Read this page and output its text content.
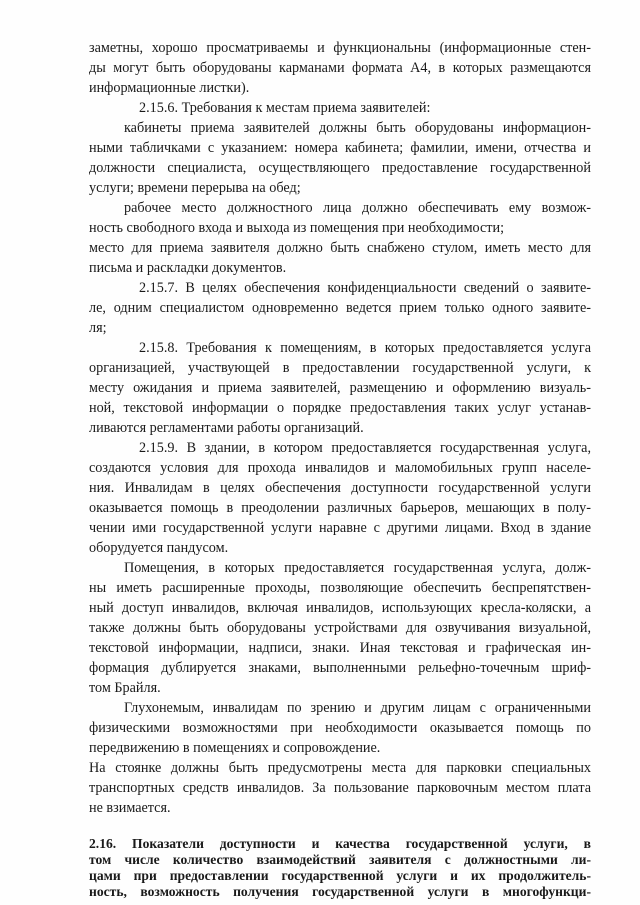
заметны, хорошо просматриваемы и функциональны (информационные стен-
ды могут быть оборудованы карманами формата А4, в которых размещаются
информационные листки).
2.15.6. Требования к местам приема заявителей:
кабинеты приема заявителей должны быть оборудованы информацион-
ными табличками с указанием: номера кабинета; фамилии, имени, отчества и
должности специалиста, осуществляющего предоставление государственной
услуги; времени перерыва на обед;
рабочее место должностного лица должно обеспечивать ему возмож-
ность свободного входа и выхода из помещения при необходимости;
место для приема заявителя должно быть снабжено стулом, иметь место для
письма и раскладки документов.
2.15.7. В целях обеспечения конфиденциальности сведений о заявите-
ле, одним специалистом одновременно ведется прием только одного заявите-
ля;
2.15.8. Требования к помещениям, в которых предоставляется услуга
организацией, участвующей в предоставлении государственной услуги, к
месту ожидания и приема заявителей, размещению и оформлению визуаль-
ной, текстовой информации о порядке предоставления таких услуг устанав-
ливаются регламентами работы организаций.
2.15.9. В здании, в котором предоставляется государственная услуга,
создаются условия для прохода инвалидов и маломобильных групп населе-
ния. Инвалидам в целях обеспечения доступности государственной услуги
оказывается помощь в преодолении различных барьеров, мешающих в полу-
чении ими государственной услуги наравне с другими лицами. Вход в здание
оборудуется пандусом.
Помещения, в которых предоставляется государственная услуга, долж-
ны иметь расширенные проходы, позволяющие обеспечить беспрепятствен-
ный доступ инвалидов, включая инвалидов, использующих кресла-коляски, а
также должны быть оборудованы устройствами для озвучивания визуальной,
текстовой информации, надписи, знаки. Иная текстовая и графическая ин-
формация дублируется знаками, выполненными рельефно-точечным шриф-
том Брайля.
Глухонемым, инвалидам по зрению и другим лицам с ограниченными
физическими возможностями при необходимости оказывается помощь по
передвижению в помещениях и сопровождение.
На стоянке должны быть предусмотрены места для парковки специальных
транспортных средств инвалидов. За пользование парковочным местом плата
не взимается.
2.16. Показатели доступности и качества государственной услуги, в
том числе количество взаимодействий заявителя с должностными ли-
цами при предоставлении государственной услуги и их продолжитель-
ность, возможность получения государственной услуги в многофункци-
